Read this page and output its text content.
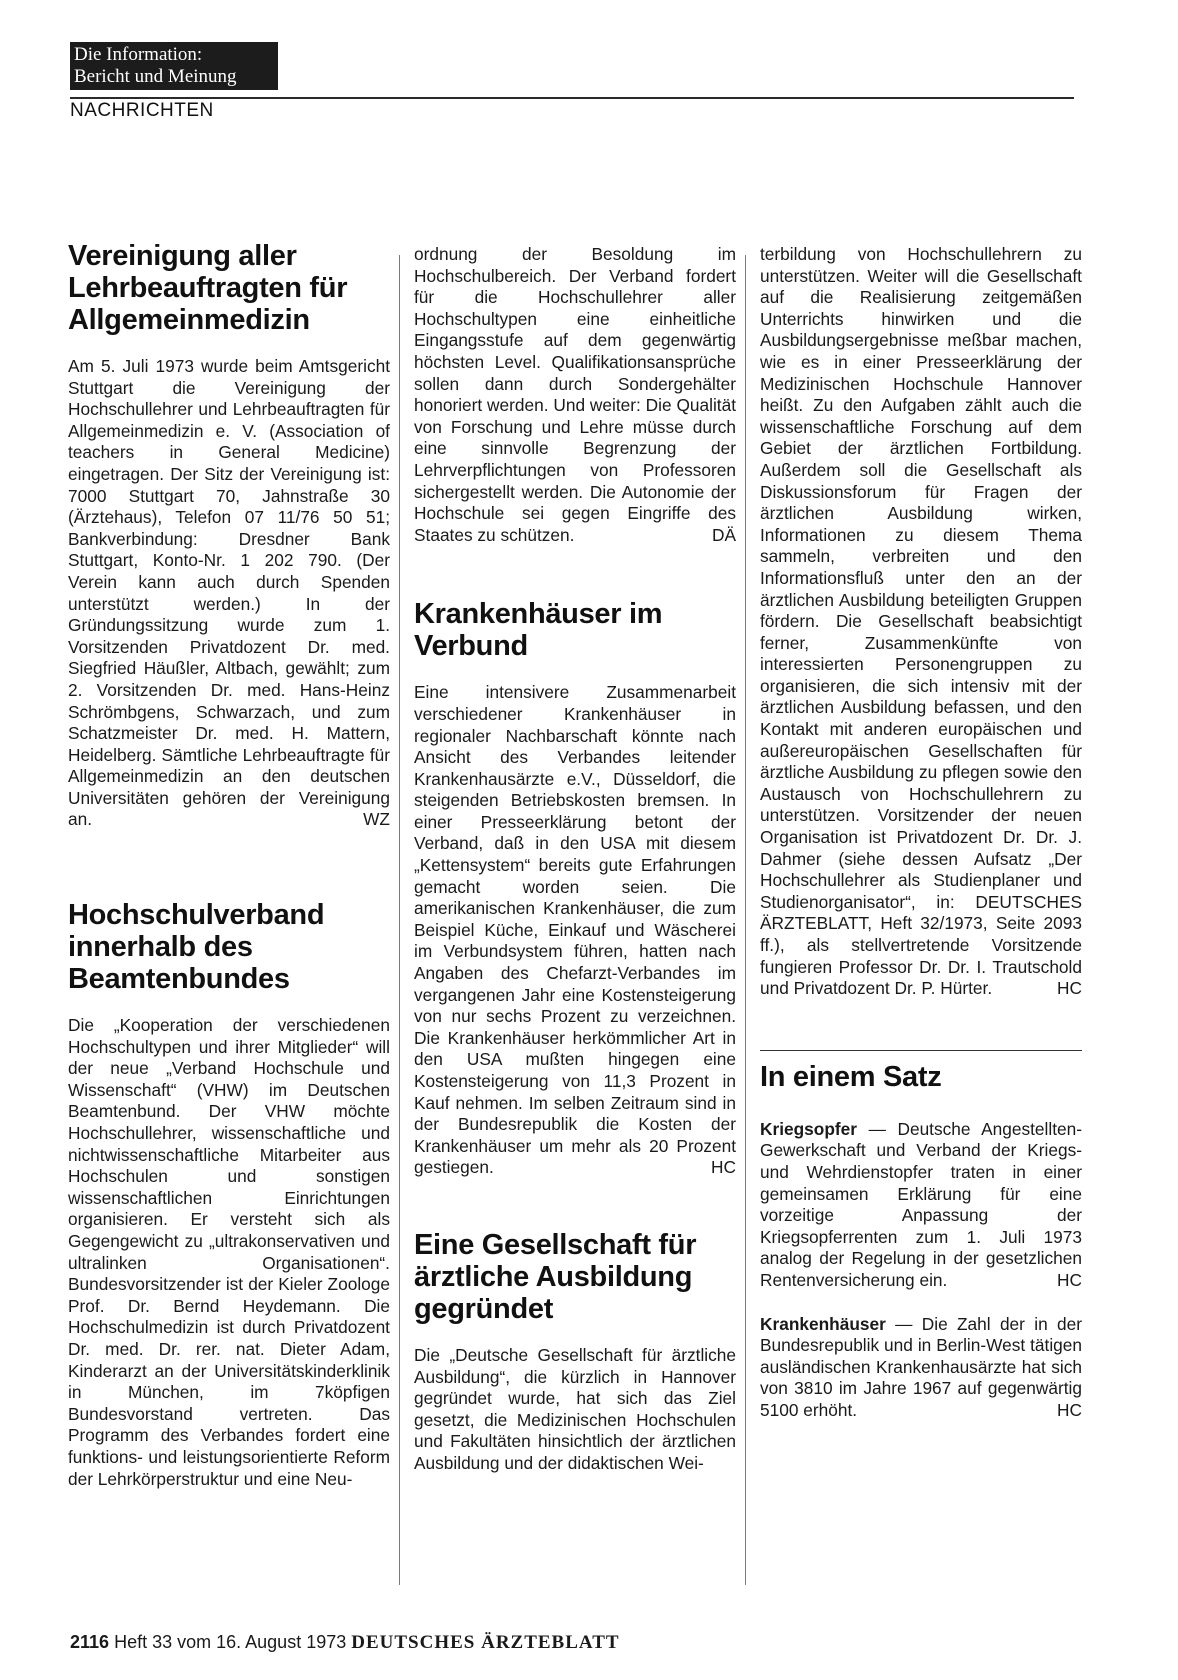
Die Information:
Bericht und Meinung
NACHRICHTEN
Vereinigung aller Lehrbeauftragten für Allgemeinmedizin

Am 5. Juli 1973 wurde beim Amtsgericht Stuttgart die Vereinigung der Hochschullehrer und Lehrbeauftragten für Allgemeinmedizin e. V. (Association of teachers in General Medicine) eingetragen. Der Sitz der Vereinigung ist: 7000 Stuttgart 70, Jahnstraße 30 (Ärztehaus), Telefon 07 11/76 50 51; Bankverbindung: Dresdner Bank Stuttgart, Konto-Nr. 1 202 790. (Der Verein kann auch durch Spenden unterstützt werden.) In der Gründungssitzung wurde zum 1. Vorsitzenden Privatdozent Dr. med. Siegfried Häußler, Altbach, gewählt; zum 2. Vorsitzenden Dr. med. Hans-Heinz Schrömbgens, Schwarzach, und zum Schatzmeister Dr. med. H. Mattern, Heidelberg. Sämtliche Lehrbeauftragte für Allgemeinmedizin an den deutschen Universitäten gehören der Vereinigung an.	WZ

Hochschulverband innerhalb des Beamtenbundes

Die „Kooperation der verschiedenen Hochschultypen und ihrer Mitglieder“ will der neue „Verband Hochschule und Wissenschaft“ (VHW) im Deutschen Beamtenbund. Der VHW möchte Hochschullehrer, wissenschaftliche und nichtwissenschaftliche Mitarbeiter aus Hochschulen und sonstigen wissenschaftlichen Einrichtungen organisieren. Er versteht sich als Gegengewicht zu „ultrakonservativen und ultralinken Organisationen“. Bundesvorsitzender ist der Kieler Zoologe Prof. Dr. Bernd Heydemann. Die Hochschulmedizin ist durch Privatdozent Dr. med. Dr. rer. nat. Dieter Adam, Kinderarzt an der Universitätskinderklinik in München, im 7köpfigen Bundesvorstand vertreten. Das Programm des Verbandes fordert eine funktions- und leistungsorientierte Reform der Lehrkörperstruktur und eine Neu-

ordnung der Besoldung im Hochschulbereich. Der Verband fordert für die Hochschullehrer aller Hochschultypen eine einheitliche Eingangsstufe auf dem gegenwärtig höchsten Level. Qualifikationsansprüche sollen dann durch Sondergehälter honoriert werden. Und weiter: Die Qualität von Forschung und Lehre müsse durch eine sinnvolle Begrenzung der Lehrverpflichtungen von Professoren sichergestellt werden. Die Autonomie der Hochschule sei gegen Eingriffe des Staates zu schützen.	DÄ

Krankenhäuser im Verbund

Eine intensivere Zusammenarbeit verschiedener Krankenhäuser in regionaler Nachbarschaft könnte nach Ansicht des Verbandes leitender Krankenhausärzte e.V., Düsseldorf, die steigenden Betriebskosten bremsen. In einer Presseerklärung betont der Verband, daß in den USA mit diesem „Kettensystem“ bereits gute Erfahrungen gemacht worden seien. Die amerikanischen Krankenhäuser, die zum Beispiel Küche, Einkauf und Wäscherei im Verbundsystem führen, hatten nach Angaben des Chefarzt-Verbandes im vergangenen Jahr eine Kostensteigerung von nur sechs Prozent zu verzeichnen. Die Krankenhäuser herkömmlicher Art in den USA mußten hingegen eine Kostensteigerung von 11,3 Prozent in Kauf nehmen. Im selben Zeitraum sind in der Bundesrepublik die Kosten der Krankenhäuser um mehr als 20 Prozent gestiegen.	HC

Eine Gesellschaft für ärztliche Ausbildung gegründet

Die „Deutsche Gesellschaft für ärztliche Ausbildung“, die kürzlich in Hannover gegründet wurde, hat sich das Ziel gesetzt, die Medizinischen Hochschulen und Fakultäten hinsichtlich der ärztlichen Ausbildung und der didaktischen Wei-

terbildung von Hochschullehrern zu unterstützen. Weiter will die Gesellschaft auf die Realisierung zeitgemäßen Unterrichts hinwirken und die Ausbildungsergebnisse meßbar machen, wie es in einer Presseerklärung der Medizinischen Hochschule Hannover heißt. Zu den Aufgaben zählt auch die wissenschaftliche Forschung auf dem Gebiet der ärztlichen Fortbildung. Außerdem soll die Gesellschaft als Diskussionsforum für Fragen der ärztlichen Ausbildung wirken, Informationen zu diesem Thema sammeln, verbreiten und den Informationsfluß unter den an der ärztlichen Ausbildung beteiligten Gruppen fördern. Die Gesellschaft beabsichtigt ferner, Zusammenkünfte von interessierten Personengruppen zu organisieren, die sich intensiv mit der ärztlichen Ausbildung befassen, und den Kontakt mit anderen europäischen und außereuropäischen Gesellschaften für ärztliche Ausbildung zu pflegen sowie den Austausch von Hochschullehrern zu unterstützen. Vorsitzender der neuen Organisation ist Privatdozent Dr. Dr. J. Dahmer (siehe dessen Aufsatz „Der Hochschullehrer als Studienplaner und Studienorganisator“, in: DEUTSCHES ÄRZTEBLATT, Heft 32/1973, Seite 2093 ff.), als stellvertretende Vorsitzende fungieren Professor Dr. Dr. I. Trautschold und Privatdozent Dr. P. Hürter.	HC

In einem Satz

Kriegsopfer — Deutsche Angestellten-Gewerkschaft und Verband der Kriegs- und Wehrdienstopfer traten in einer gemeinsamen Erklärung für eine vorzeitige Anpassung der Kriegsopferrenten zum 1. Juli 1973 analog der Regelung in der gesetzlichen Rentenversicherung ein.	HC

Krankenhäuser — Die Zahl der in der Bundesrepublik und in Berlin-West tätigen ausländischen Krankenhausärzte hat sich von 3810 im Jahre 1967 auf gegenwärtig 5100 erhöht.	HC

2116 Heft 33 vom 16. August 1973 DEUTSCHES ÄRZTEBLATT
